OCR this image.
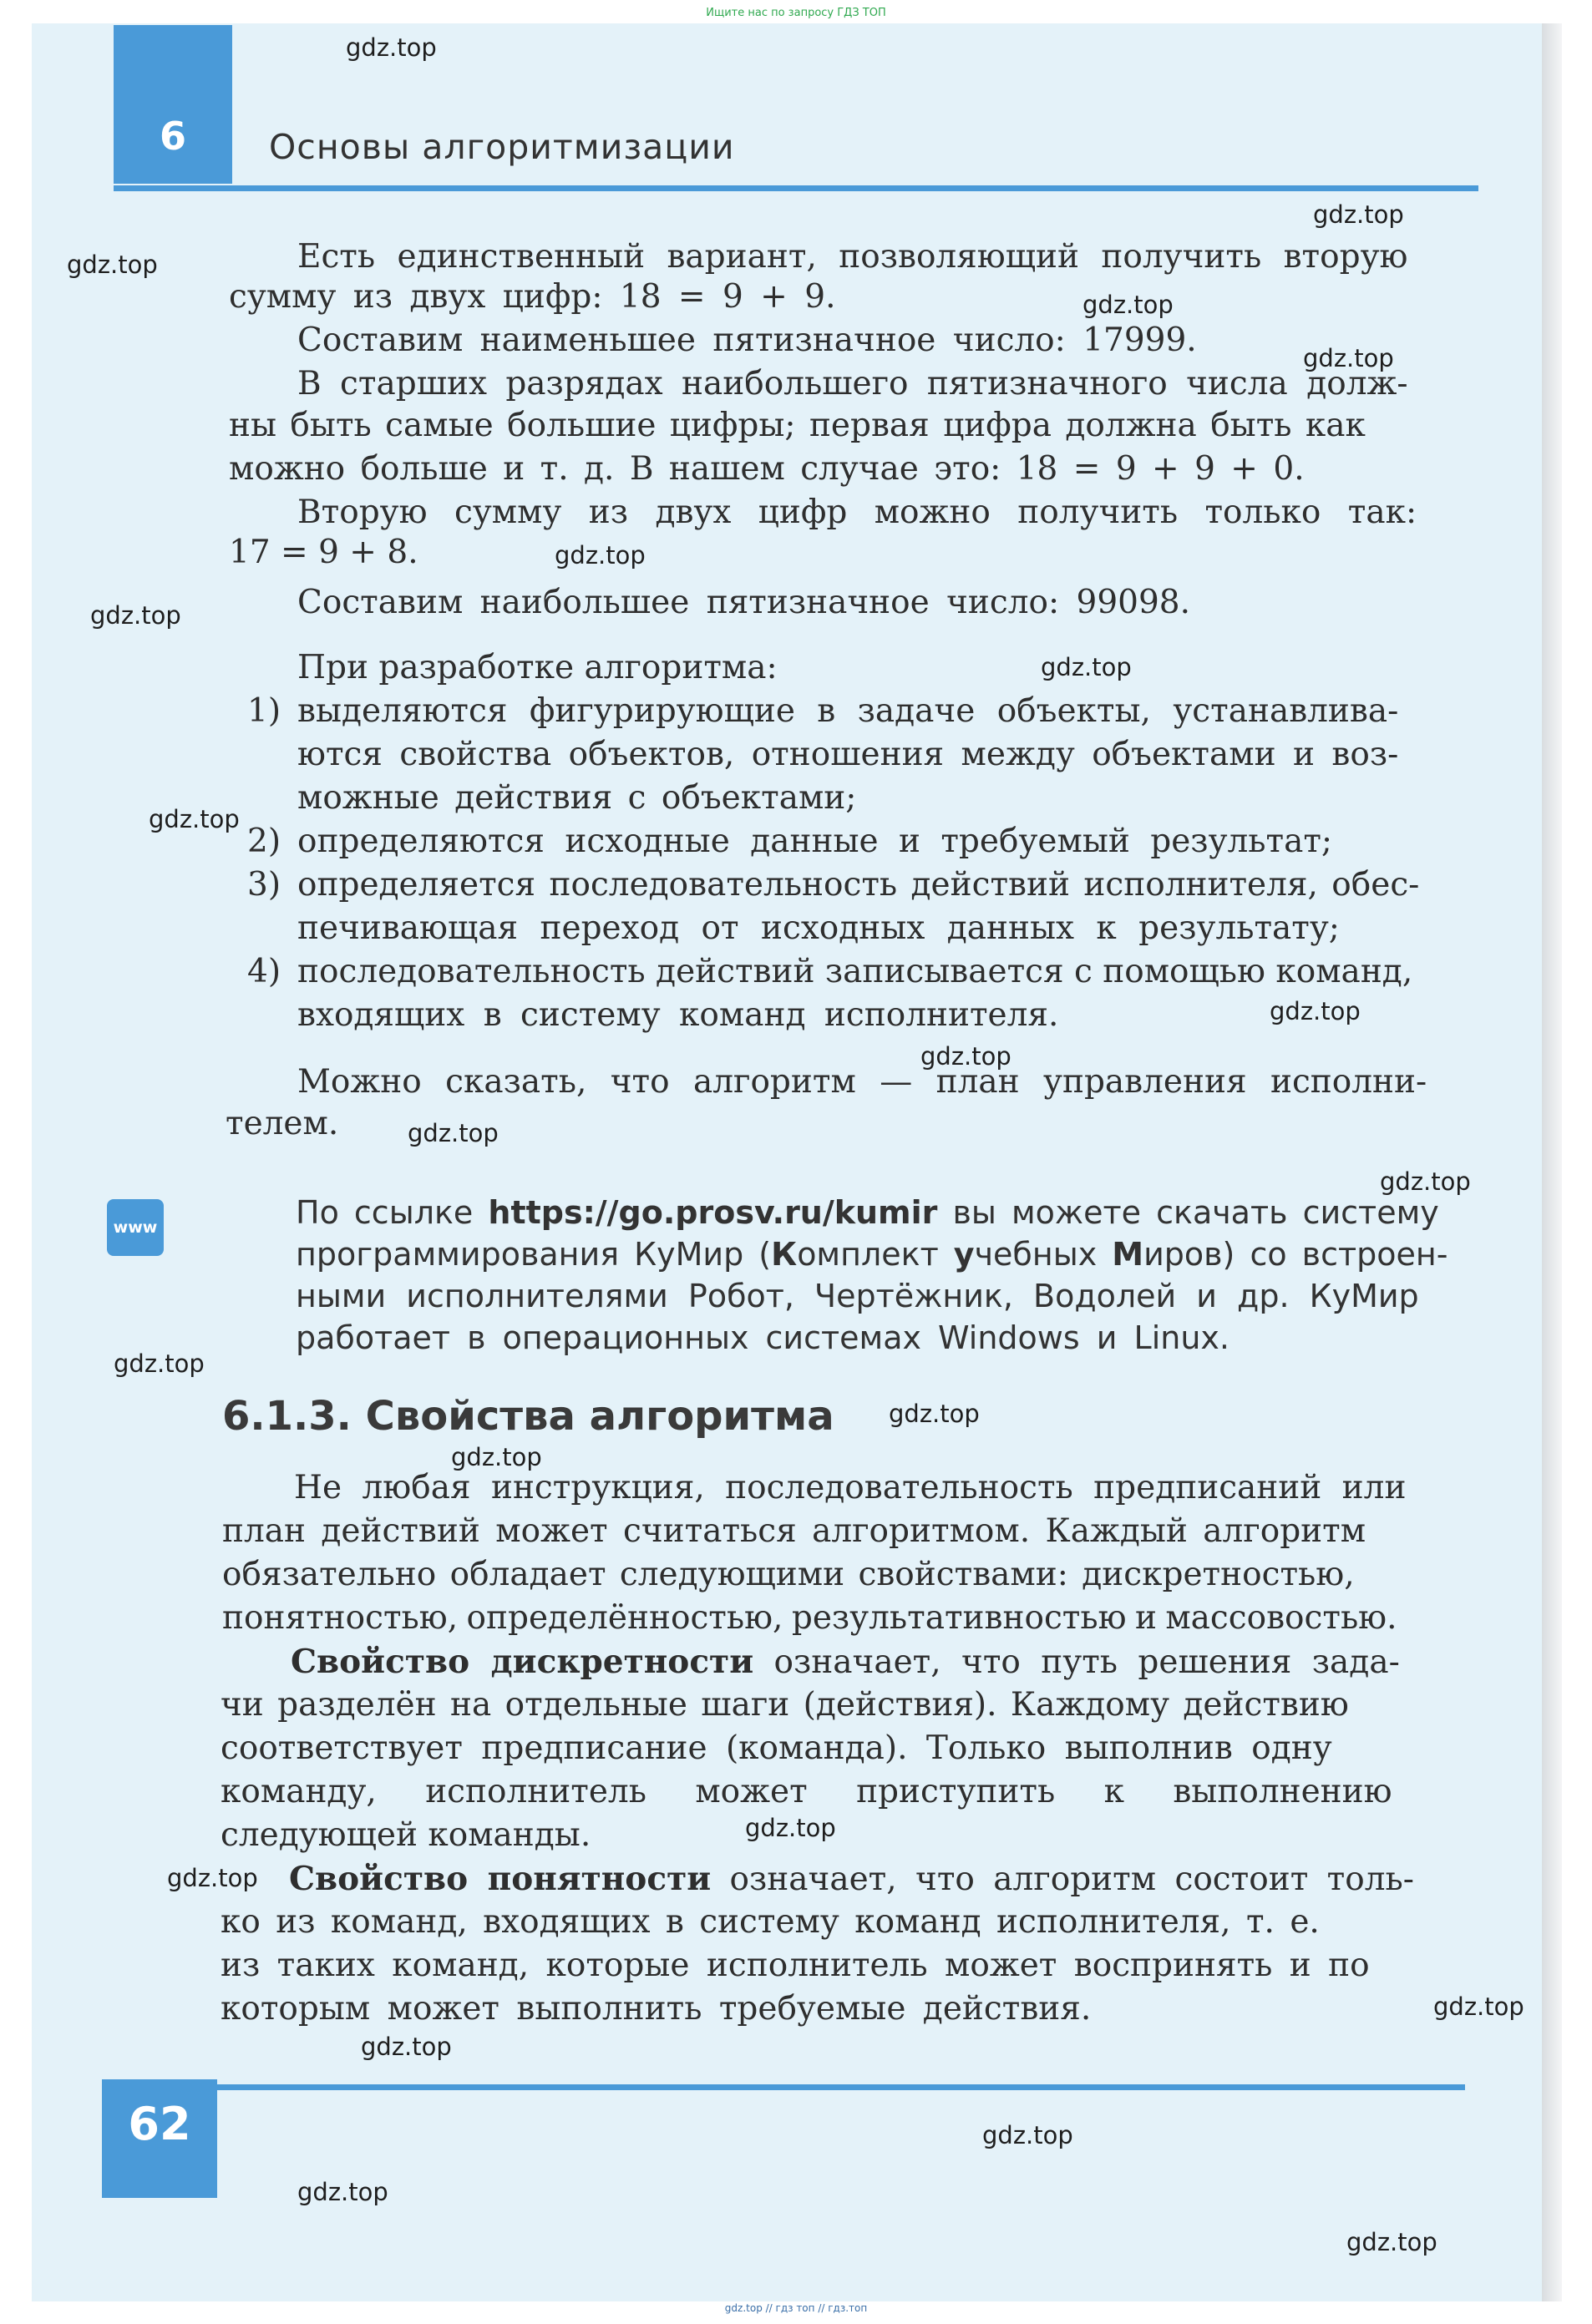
Ищите нас по запросу ГДЗ ТОП
6	Основы алгоритмизации
Есть единственный вариант, позволяющий получить вторую
сумму из двух цифр: 18 = 9 + 9.
Составим наименьшее пятизначное число: 17999.
В старших разрядах наибольшего пятизначного числа долж-
ны быть самые большие цифры; первая цифра должна быть как
можно больше и т. д. В нашем случае это: 18 = 9 + 9 + 0.
Вторую сумму из двух цифр можно получить только так:
17 = 9 + 8.
Составим наибольшее пятизначное число: 99098.
При разработке алгоритма:
1) выделяются фигурирующие в задаче объекты, устанавлива-
ются свойства объектов, отношения между объектами и воз-
можные действия с объектами;
2) определяются исходные данные и требуемый результат;
3) определяется последовательность действий исполнителя, обес-
печивающая переход от исходных данных к результату;
4) последовательность действий записывается с помощью команд,
входящих в систему команд исполнителя.
Можно сказать, что алгоритм — план управления исполни-
телем.
www	По ссылке https://go.prosv.ru/kumir вы можете скачать систему
программирования КуМир (Комплект учебных Миров) со встроен-
ными исполнителями Робот, Чертёжник, Водолей и др. КуМир
работает в операционных системах Windows и Linux.
6.1.3. Свойства алгоритма
Не любая инструкция, последовательность предписаний или
план действий может считаться алгоритмом. Каждый алгоритм
обязательно обладает следующими свойствами: дискретностью,
понятностью, определённостью, результативностью и массовостью.
Свойство дискретности означает, что путь решения зада-
чи разделён на отдельные шаги (действия). Каждому действию
соответствует предписание (команда). Только выполнив одну
команду, исполнитель может приступить к выполнению
следующей команды.
Свойство понятности означает, что алгоритм состоит толь-
ко из команд, входящих в систему команд исполнителя, т. е.
из таких команд, которые исполнитель может воспринять и по
которым может выполнить требуемые действия.
62
gdz.top // гдз топ // гдз.топ
gdz.top
gdz.top
gdz.top
gdz.top
gdz.top
gdz.top
gdz.top
gdz.top
gdz.top
gdz.top
gdz.top
gdz.top
gdz.top
gdz.top
gdz.top
gdz.top
gdz.top
gdz.top
gdz.top
gdz.top
gdz.top
gdz.top
gdz.top
